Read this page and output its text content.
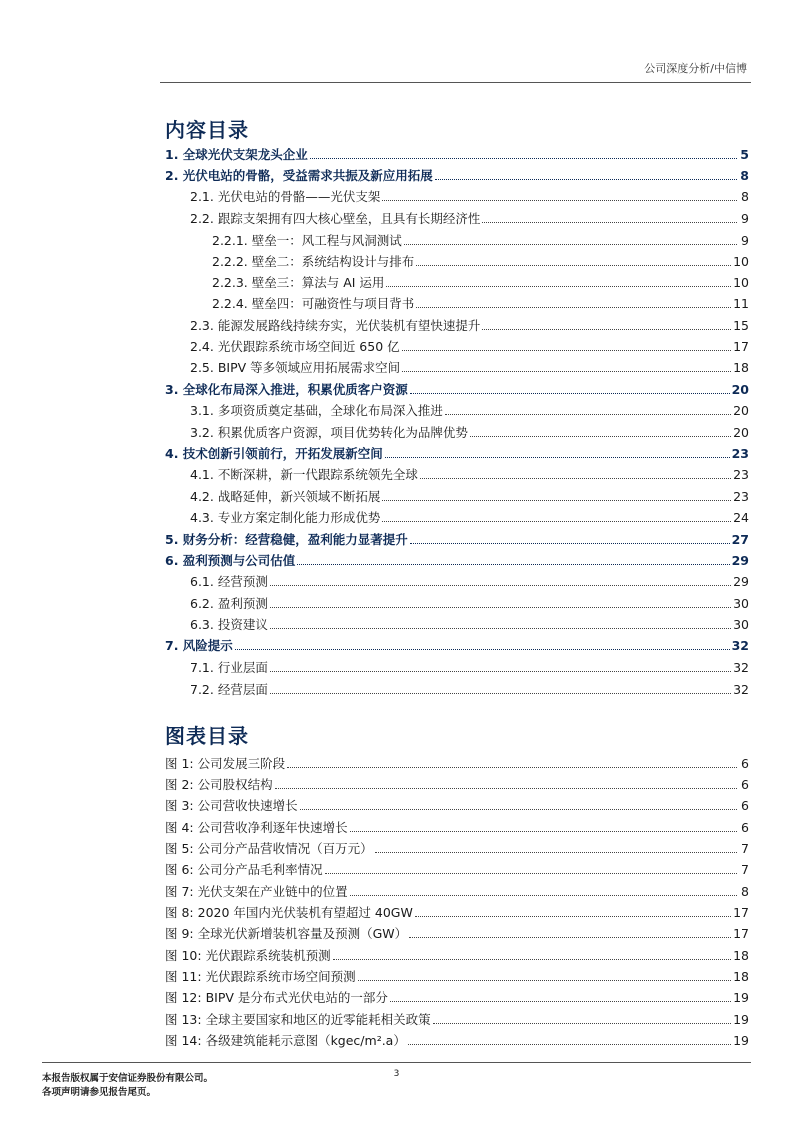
公司深度分析/中信博
内容目录
1. 全球光伏支架龙头企业	5
2. 光伏电站的骨骼，受益需求共振及新应用拓展	8
2.1. 光伏电站的骨骼——光伏支架	8
2.2. 跟踪支架拥有四大核心壁垒，且具有长期经济性	9
2.2.1. 壁垒一：风工程与风洞测试	9
2.2.2. 壁垒二：系统结构设计与排布	10
2.2.3. 壁垒三：算法与 AI 运用	10
2.2.4. 壁垒四：可融资性与项目背书	11
2.3. 能源发展路线持续夯实，光伏装机有望快速提升	15
2.4. 光伏跟踪系统市场空间近 650 亿	17
2.5. BIPV 等多领域应用拓展需求空间	18
3. 全球化布局深入推进，积累优质客户资源	20
3.1. 多项资质奠定基础，全球化布局深入推进	20
3.2. 积累优质客户资源，项目优势转化为品牌优势	20
4. 技术创新引领前行，开拓发展新空间	23
4.1. 不断深耕，新一代跟踪系统领先全球	23
4.2. 战略延伸，新兴领域不断拓展	23
4.3. 专业方案定制化能力形成优势	24
5. 财务分析：经营稳健，盈利能力显著提升	27
6. 盈利预测与公司估值	29
6.1. 经营预测	29
6.2. 盈利预测	30
6.3. 投资建议	30
7. 风险提示	32
7.1. 行业层面	32
7.2. 经营层面	32
图表目录
图 1: 公司发展三阶段	6
图 2: 公司股权结构	6
图 3: 公司营收快速增长	6
图 4: 公司营收净利逐年快速增长	6
图 5: 公司分产品营收情况（百万元）	7
图 6: 公司分产品毛利率情况	7
图 7: 光伏支架在产业链中的位置	8
图 8: 2020 年国内光伏装机有望超过 40GW	17
图 9: 全球光伏新增装机容量及预测（GW）	17
图 10: 光伏跟踪系统装机预测	18
图 11: 光伏跟踪系统市场空间预测	18
图 12: BIPV 是分布式光伏电站的一部分	19
图 13: 全球主要国家和地区的近零能耗相关政策	19
图 14: 各级建筑能耗示意图（kgec/m².a）	19
本报告版权属于安信证券股份有限公司。
各项声明请参见报告尾页。
3
